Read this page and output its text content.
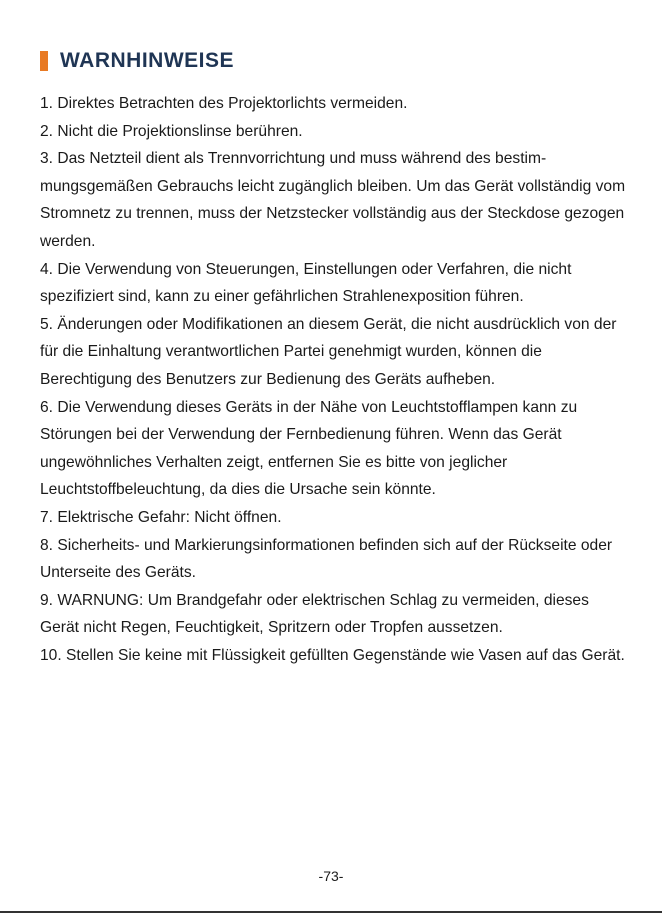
WARNHINWEISE
1. Direktes Betrachten des Projektorlichts vermeiden.
2. Nicht die Projektionslinse berühren.
3. Das Netzteil dient als Trennvorrichtung und muss während des bestim-mungsgemäßen Gebrauchs leicht zugänglich bleiben. Um das Gerät vollständig vom Stromnetz zu trennen, muss der Netzstecker vollständig aus der Steckdose gezogen werden.
4. Die Verwendung von Steuerungen, Einstellungen oder Verfahren, die nicht spezifiziert sind, kann zu einer gefährlichen Strahlenexposition führen.
5. Änderungen oder Modifikationen an diesem Gerät, die nicht ausdrücklich von der für die Einhaltung verantwortlichen Partei genehmigt wurden, können die Berechtigung des Benutzers zur Bedienung des Geräts aufheben.
6. Die Verwendung dieses Geräts in der Nähe von Leuchtstofflampen kann zu Störungen bei der Verwendung der Fernbedienung führen. Wenn das Gerät ungewöhnliches Verhalten zeigt, entfernen Sie es bitte von jeglicher Leuchtstoffbeleuchtung, da dies die Ursache sein könnte.
7. Elektrische Gefahr: Nicht öffnen.
8. Sicherheits- und Markierungsinformationen befinden sich auf der Rückseite oder Unterseite des Geräts.
9. WARNUNG: Um Brandgefahr oder elektrischen Schlag zu vermeiden, dieses Gerät nicht Regen, Feuchtigkeit, Spritzern oder Tropfen aussetzen.
10. Stellen Sie keine mit Flüssigkeit gefüllten Gegenstände wie Vasen auf das Gerät.
-73-
